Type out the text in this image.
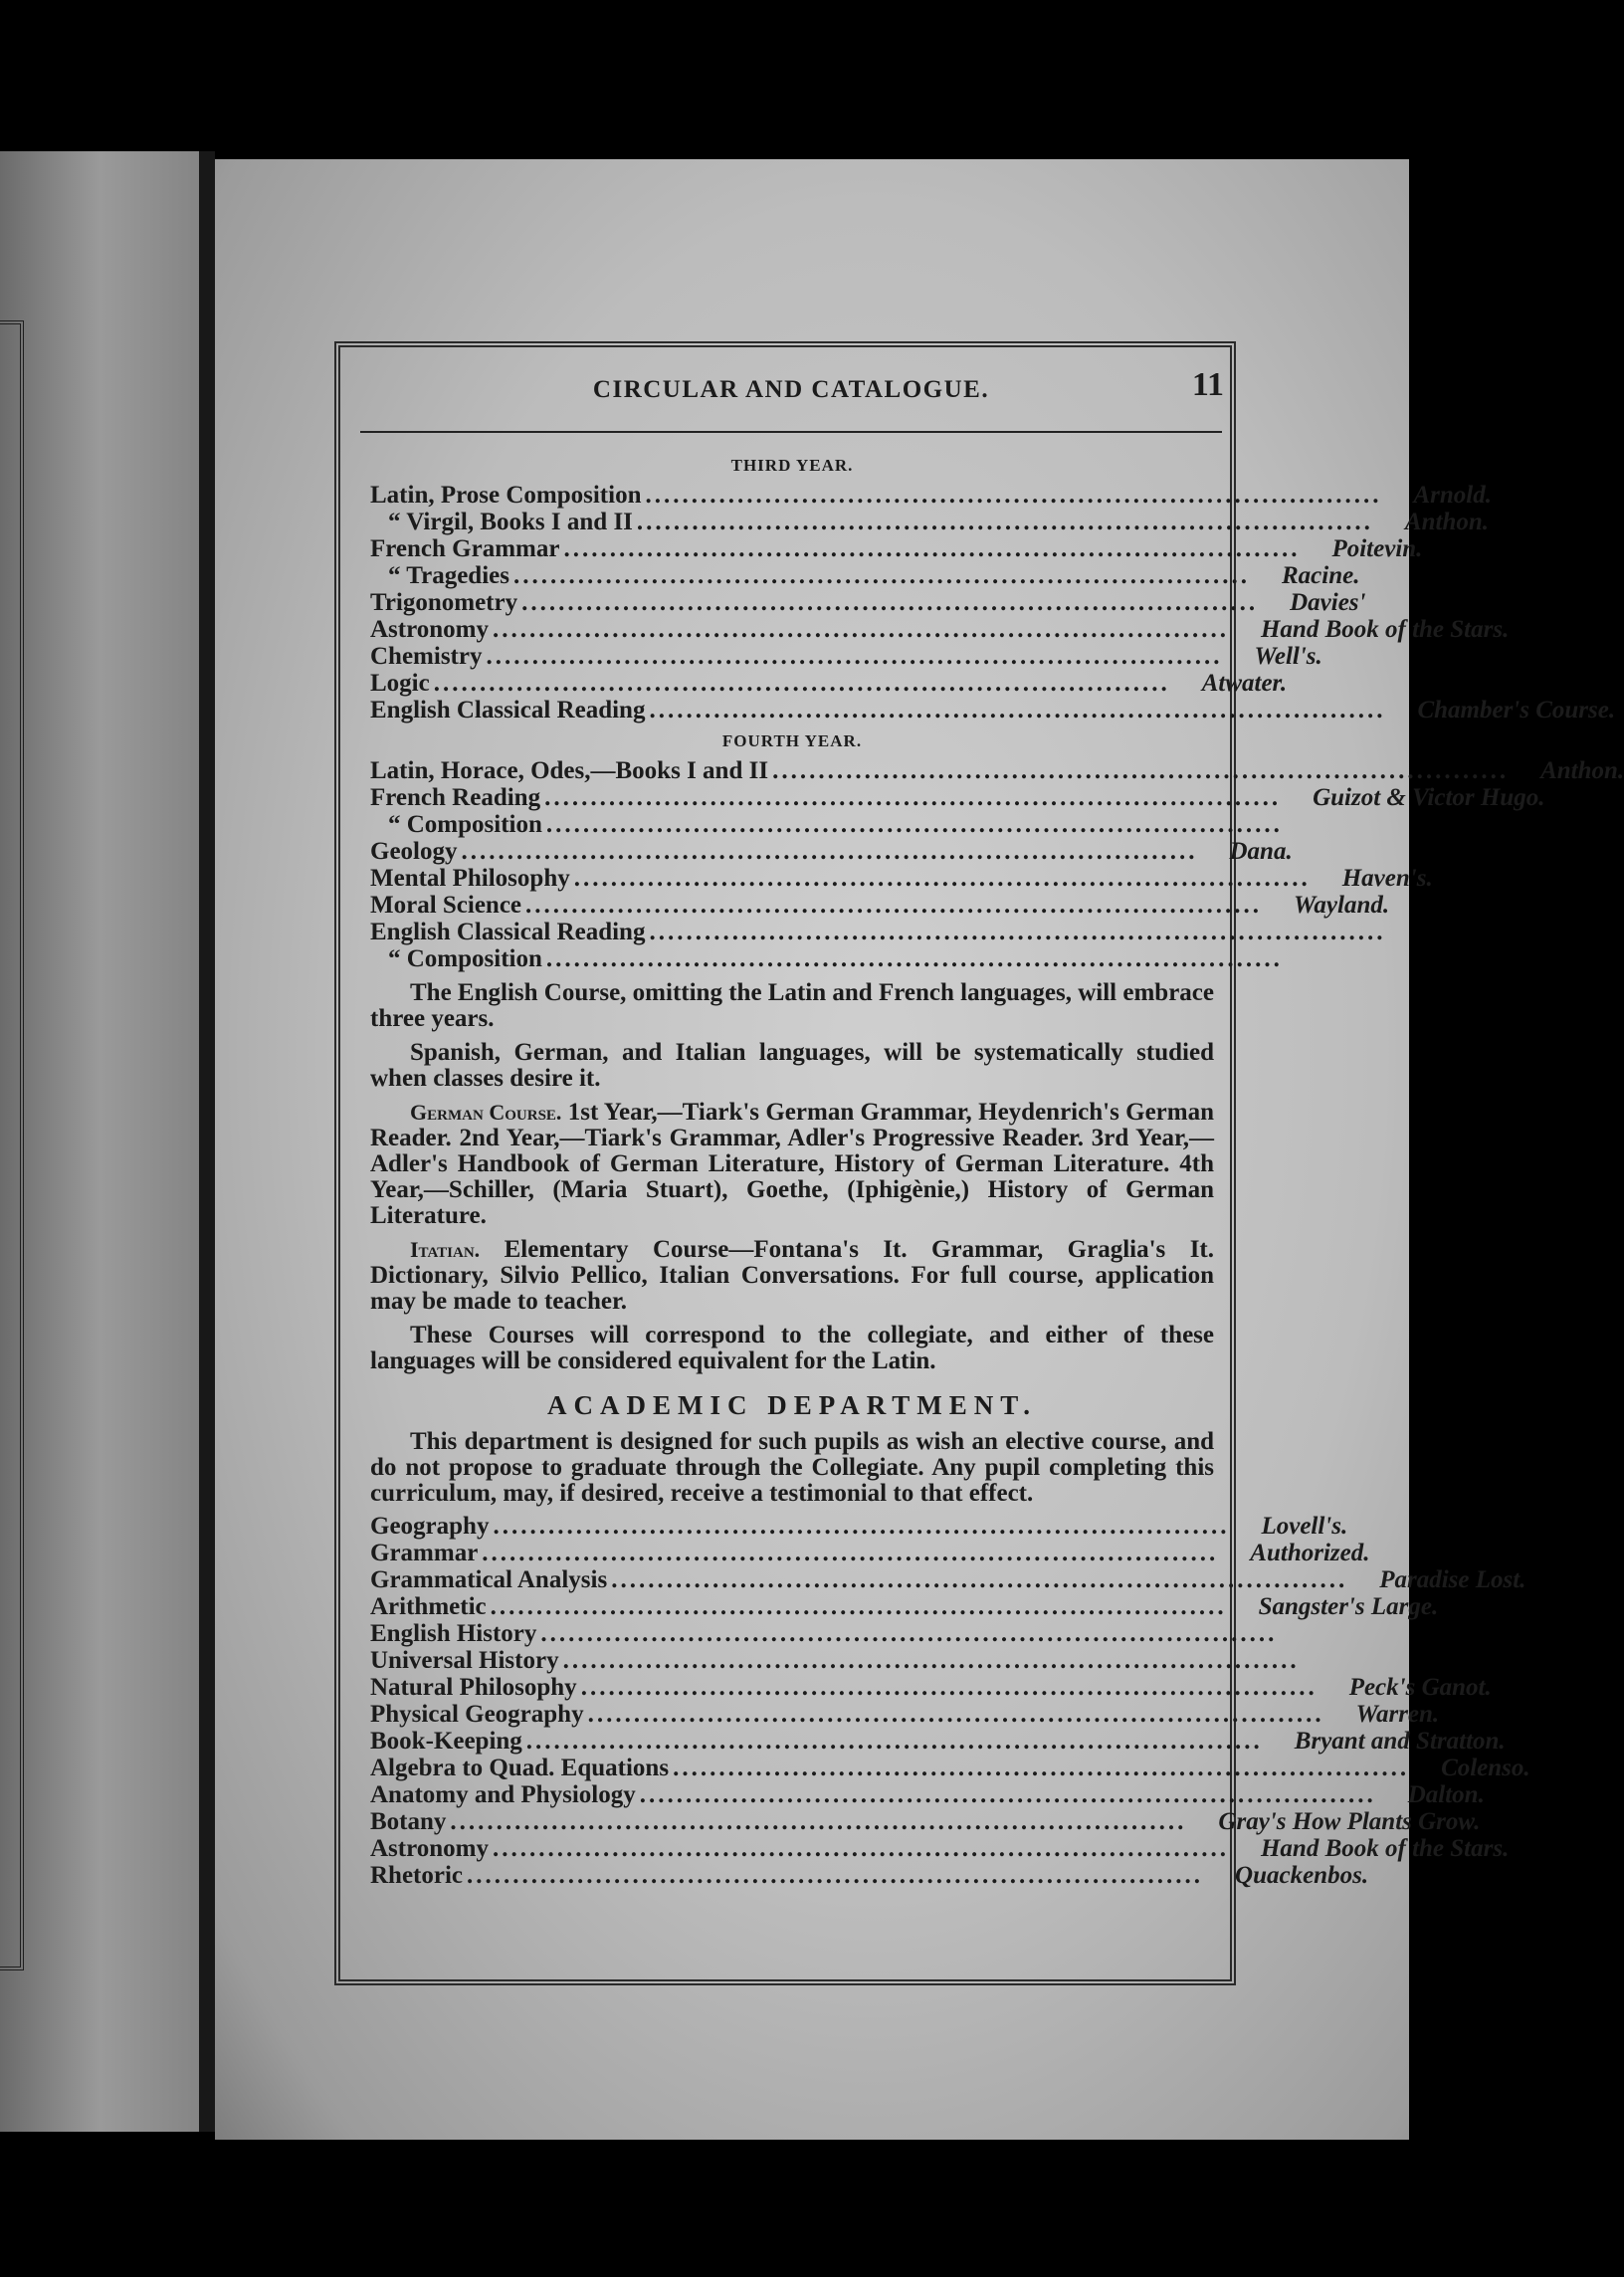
CIRCULAR AND CATALOGUE.	11
THIRD YEAR.
Latin, Prose Composition ................................................................................	Arnold.
“ Virgil, Books I and II ................................................................................	Anthon.
French Grammar ................................................................................	Poitevin.
“ Tragedies ................................................................................	Racine.
Trigonometry ................................................................................	Davies'
Astronomy ................................................................................	Hand Book of the Stars.
Chemistry ................................................................................	Well's.
Logic ................................................................................	Atwater.
English Classical Reading ................................................................................	Chamber's Course.
FOURTH YEAR.
Latin, Horace, Odes,—Books I and II ................................................................................	Anthon.
French Reading ................................................................................	Guizot & Victor Hugo.
“ Composition ................................................................................
Geology ................................................................................	Dana.
Mental Philosophy ................................................................................	Haven's.
Moral Science ................................................................................	Wayland.
English Classical Reading ................................................................................
“ Composition ................................................................................

The English Course, omitting the Latin and French languages, will embrace three years.

Spanish, German, and Italian languages, will be systematically studied when classes desire it.

German Course. 1st Year,—Tiark's German Grammar, Heydenrich's German Reader. 2nd Year,—Tiark's Grammar, Adler's Progressive Reader. 3rd Year,—Adler's Handbook of German Literature, History of German Literature. 4th Year,—Schiller, (Maria Stuart), Goethe, (Iphigènie,) History of German Literature.

Itatian. Elementary Course—Fontana's It. Grammar, Graglia's It. Dictionary, Silvio Pellico, Italian Conversations. For full course, application may be made to teacher.

These Courses will correspond to the collegiate, and either of these languages will be considered equivalent for the Latin.

ACADEMIC DEPARTMENT.

This department is designed for such pupils as wish an elective course, and do not propose to graduate through the Collegiate. Any pupil completing this curriculum, may, if desired, receive a testimonial to that effect.

Geography ................................................................................	Lovell's.
Grammar ................................................................................	Authorized.
Grammatical Analysis ................................................................................	Paradise Lost.
Arithmetic ................................................................................	Sangster's Large.
English History ................................................................................
Universal History ................................................................................
Natural Philosophy ................................................................................	Peck's Ganot.
Physical Geography ................................................................................	Warren.
Book-Keeping ................................................................................	Bryant and Stratton.
Algebra to Quad. Equations ................................................................................	Colenso.
Anatomy and Physiology ................................................................................	Dalton.
Botany ................................................................................	Gray's How Plants Grow.
Astronomy ................................................................................	Hand Book of the Stars.
Rhetoric ................................................................................	Quackenbos.
